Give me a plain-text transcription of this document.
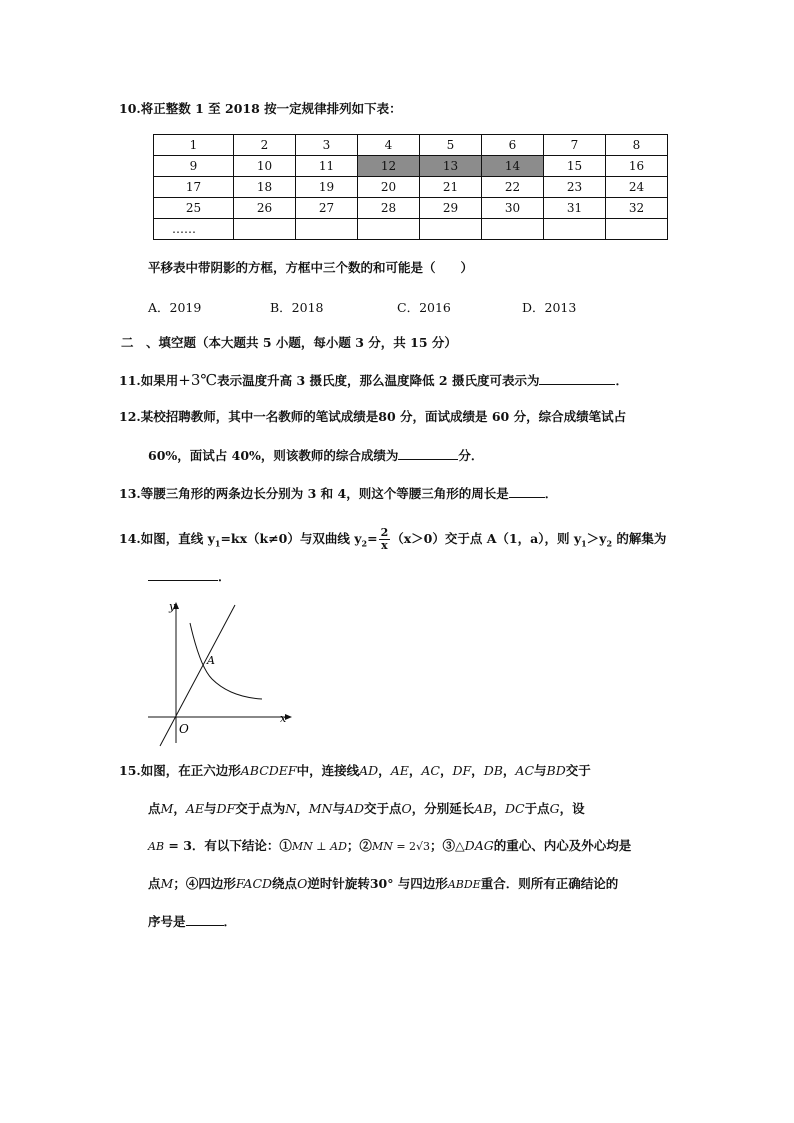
10.将正整数 1 至 2018 按一定规律排列如下表：
1	2	3	4	5	6	7	8
9	10	11	12	13	14	15	16
17	18	19	20	21	22	23	24
25	26	27	28	29	30	31	32
……							
平移表中带阴影的方框，方框中三个数的和可能是（　　）
A．2019	B．2018	C．2016	D．2013
二　、填空题（本大题共 5 小题，每小题 3 分，共 15 分）
11.如果用+3℃表示温度升高 3 摄氏度，那么温度降低 2 摄氏度可表示为	．
12.某校招聘教师，其中一名教师的笔试成绩是80 分，面试成绩是 60 分，综合成绩笔试占
60%，面试占 40%，则该教师的综合成绩为	分．
13.等腰三角形的两条边长分别为 3 和 4，则这个等腰三角形的周长是	．
14.如图，直线 $y_1=kx(k\ne 0)$与双曲线 $y_2= \frac{2}{x} (x>0)$交于点 A（1，a），则 $y_1>y_2$ 的解集为
．
y
x
A
O
15.如图，在正六边形ABCDEF中，连接线AD，AE，AC，DF，DB，AC与BD交于
点M，AE与DF交于点为N，MN与AD交于点O，分别延长AB，DC于点G，设
AB = 3．有以下结论：①MN ⊥ AD；②MN = 2√3；③△DAG的重心、内心及外心均是
点M；④四边形FACD绕点O逆时针旋转30° 与四边形ABDE重合．则所有正确结论的
序号是	．
